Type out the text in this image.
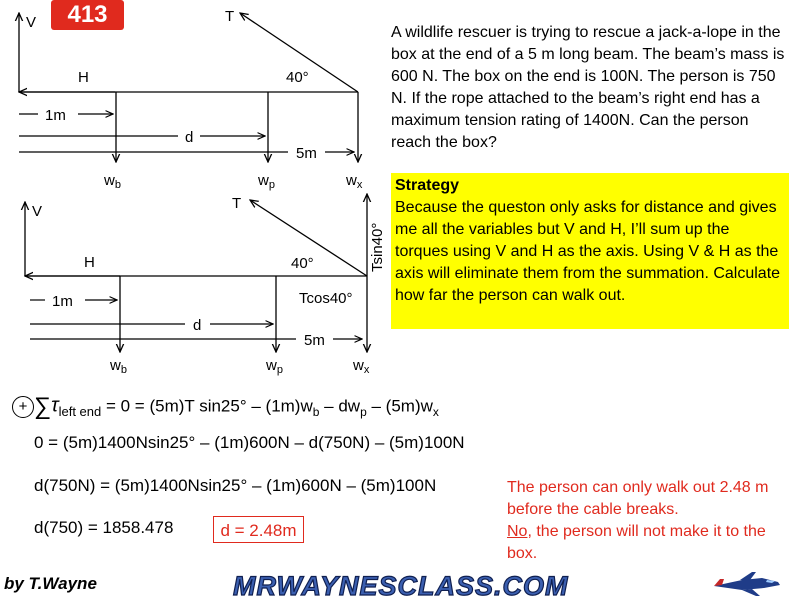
413
V
H
T
40°
1m
d
5m
$w_b$	$w_p$	$w_x$
V
H
T
40°
Tcos40°
Tsin40°
1m
d
5m
$w_b$	$w_p$	$w_x$
A wildlife rescuer is trying to rescue a jack-a-lope in the box at the end of a 5 m long beam. The beam’s mass is 600 N. The box on the end is 100N. The person is 750 N. If the rope attached to the beam’s right end has a maximum tension rating of 1400N. Can the person reach the box?
Strategy
Because the queston only asks for distance and gives me all the variables but V and H, I’ll sum up the torques using V and H as the axis. Using V & H as the axis will eliminate them from the summation. Calculate how far the person can walk out.
+ $\sum\tau_{left end} = 0 = (5m)T$ $\sin 25^\circ - (1m)w_b - dw_p - (5m)w_x$
0 = (5m)1400Nsin25° – (1m)600N – d(750N) – (5m)100N
d(750N) = (5m)1400Nsin25° – (1m)600N – (5m)100N
d(750) = 1858.478	d = 2.48m
The person can only walk out 2.48 m before the cable breaks.
No, the person will not make it to the box.
by T.Wayne	MRWAYNESCLASS.COM
